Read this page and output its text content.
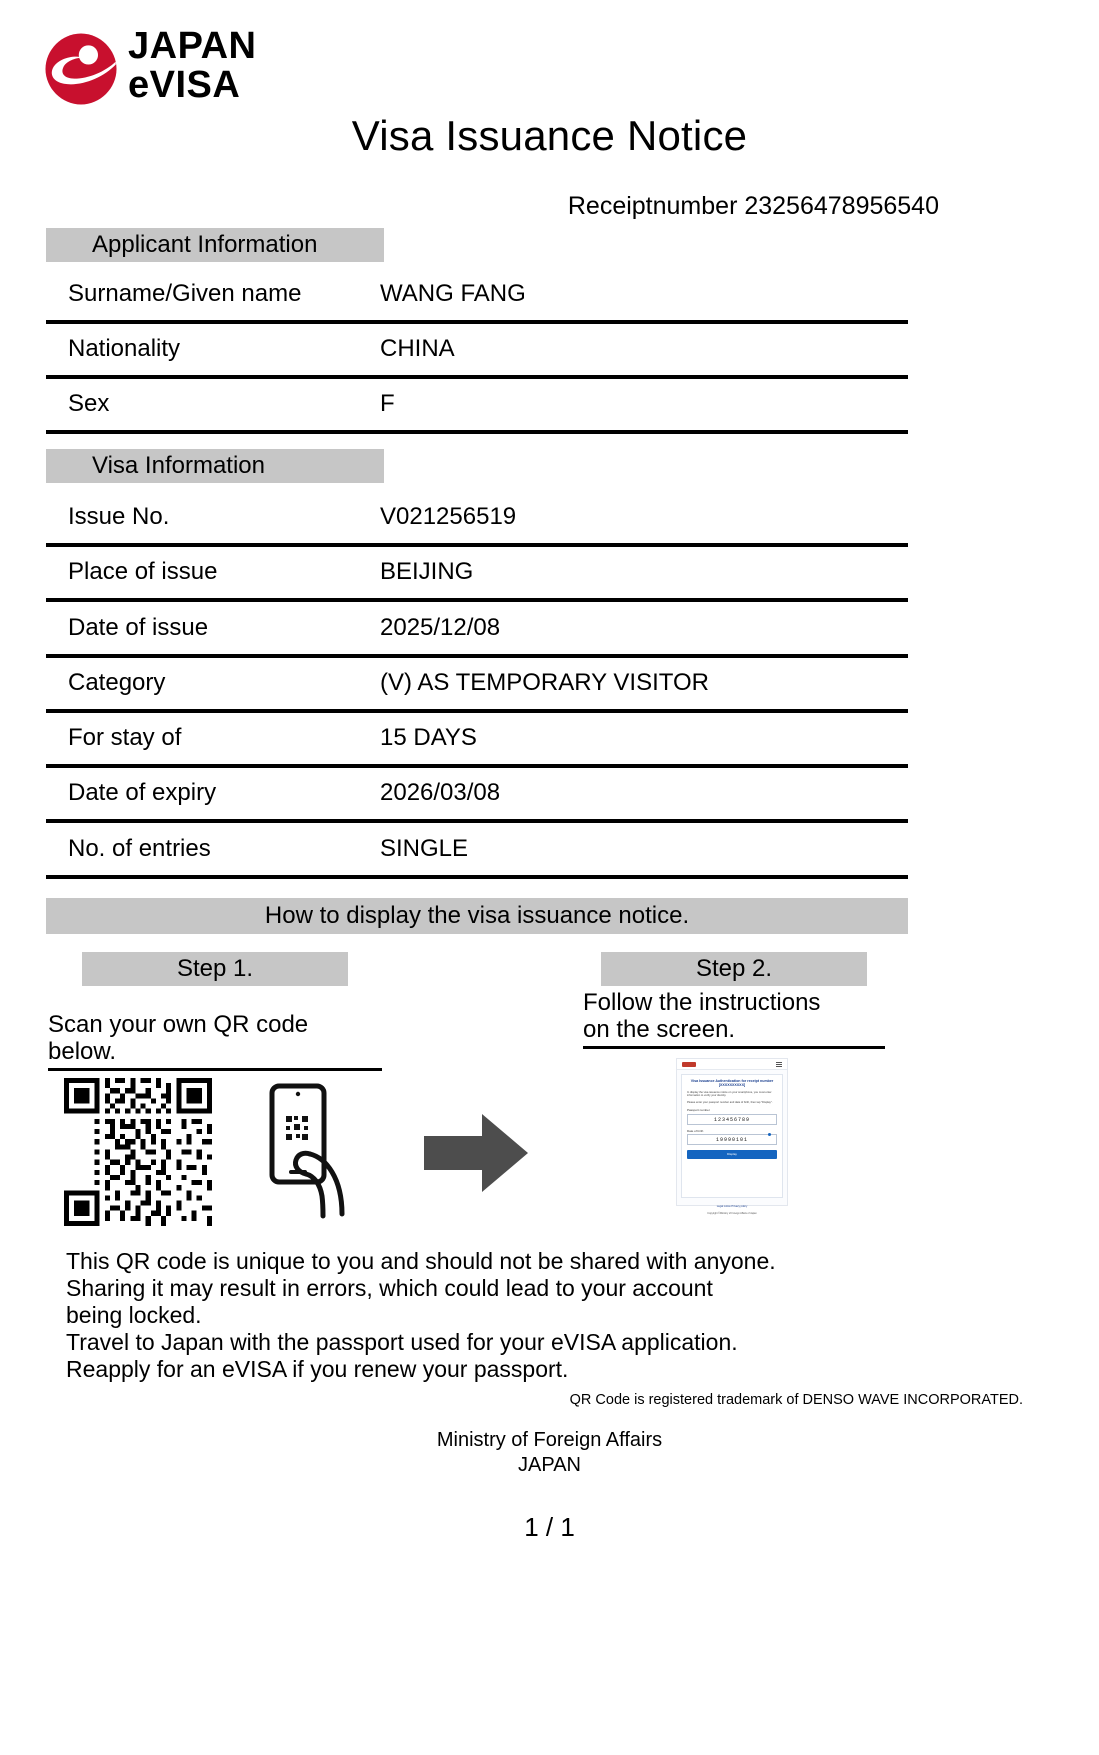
JAPAN
eVISA
Visa Issuance Notice
Receiptnumber 23256478956540
Applicant Information
Surname/Given name	WANG FANG
Nationality	CHINA
Sex	F
Visa Information
Issue No.	V021256519
Place of issue	BEIJING
Date of issue	2025/12/08
Category	(V) AS TEMPORARY VISITOR
For stay of	15 DAYS
Date of expiry	2026/03/08
No. of entries	SINGLE
How to display the visa issuance notice.
Step 1.	Step 2.
Scan your own QR code below.
Follow the instructions
on the screen.
Visa Issuance Authentication for receipt number [XXXXXXXXXX]
In display the visa issuance notice on your smartphone, you must enter information to verify your identity.
Please enter your passport number and date of birth, then tap "Display".
Passport number
123456789
Date of birth
19990101
Display
Legal notice Privacy policy
Copyright ©Ministry of Foreign Affairs of Japan
This QR code is unique to you and should not be shared with anyone.
Sharing it may result in errors, which could lead to your account
being locked.
Travel to Japan with the passport used for your eVISA application.
Reapply for an eVISA if you renew your passport.
QR Code is registered trademark of DENSO WAVE INCORPORATED.
Ministry of Foreign Affairs
JAPAN
1 / 1
